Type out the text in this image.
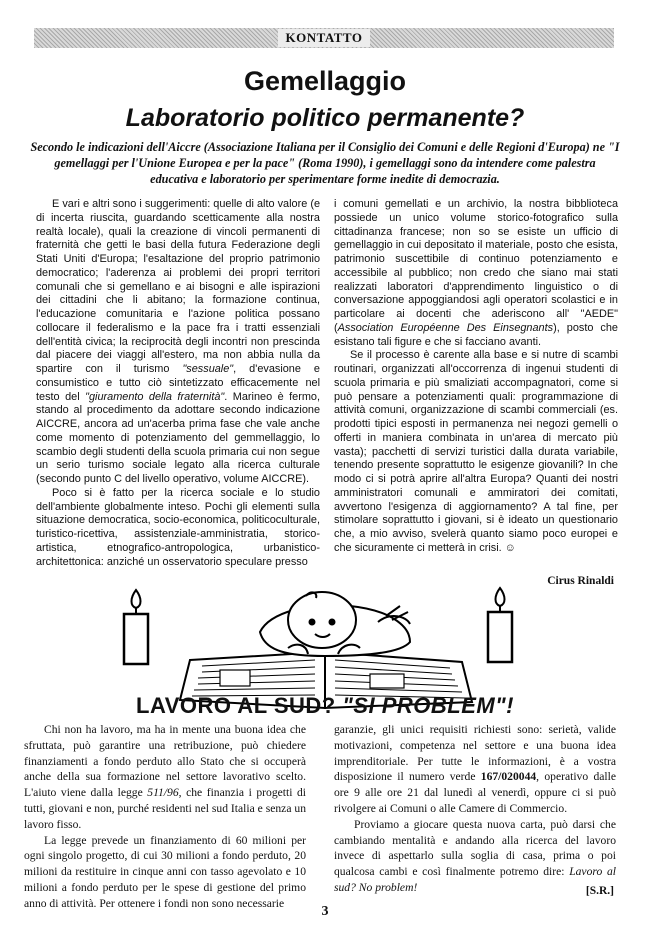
KONTATTO
Gemellaggio
Laboratorio politico permanente?

Secondo le indicazioni dell'Aiccre (Associazione Italiana per il Consiglio dei Comuni e delle Regioni d'Europa) ne "I gemellaggi per l'Unione Europea e per la pace" (Roma 1990), i gemellaggi sono da intendere come palestra educativa e laboratorio per sperimentare forme inedite di democrazia.

E vari e altri sono i suggerimenti: quelle di alto valore (e di incerta riuscita, guardando scetticamente alla nostra realtà locale), quali la creazione di vincoli permanenti di fraternità che getti le basi della futura Federazione degli Stati Uniti d'Europa; l'esaltazione del proprio patrimonio democratico; l'aderenza ai problemi dei propri territori comunali che si gemellano e ai bisogni e alle ispirazioni dei cittadini che li abitano; la formazione continua, l'educazione comunitaria e l'azione politica possano collocare il federalismo e la pace fra i tratti essenziali dell'entità civica; la reciprocità degli incontri non prescinda dal piacere dei viaggi all'estero, ma non abbia nulla da spartire con il turismo "sessuale", d'evasione e consumistico e tutto ciò sintetizzato efficacemente nel testo del "giuramento della fraternità". Marineo è fermo, stando al procedimento da adottare secondo indicazione AICCRE, ancora ad un'acerba prima fase che vale anche come momento di potenziamento del gemmellaggio, lo scambio degli studenti della scuola primaria cui non segue un serio turismo sociale legato alla ricerca culturale (secondo punto C del livello operativo, volume AICCRE).

Poco si è fatto per la ricerca sociale e lo studio dell'ambiente globalmente inteso. Pochi gli elementi sulla situazione democratica, socio-economica, politicoculturale, turistico-ricettiva, assistenziale-amministratia, storico-artistica, etnografico-antropologica, urbanistico-architettonica: anziché un osservatorio speculare presso

i comuni gemellati e un archivio, la nostra bibblioteca possiede un unico volume storico-fotografico sulla cittadinanza francese; non so se esiste un ufficio di gemellaggio in cui depositato il materiale, posto che esista, patrimonio suscettibile di continuo potenziamento e accessibile al pubblico; non credo che siano mai stati realizzati laboratori d'apprendimento linguistico o di conversazione appoggiandosi agli operatori scolastici e in particolare ai docenti che aderiscono all' "AEDE" (Association Européenne Des Einsegnants), posto che esistano tali figure e che si facciano avanti.

Se il processo è carente alla base e si nutre di scambi routinari, organizzati all'occorrenza di ingenui studenti di scuola primaria e più smaliziati accompagnatori, come si può pensare a potenziamenti quali: programmazione di attività comuni, organizzazione di scambi commerciali (es. prodotti tipici esposti in permanenza nei negozi gemelli o offerti in maniera combinata in un'area di mercato più vasta); pacchetti di servizi turistici dalla durata variabile, tenendo presente soprattutto le esigenze giovanili? In che modo ci si potrà aprire all'altra Europa? Quanti dei nostri amministratori comunali e ammiratori dei comitati, avvertono l'esigenza di aggiornamento? A tal fine, per stimolare soprattutto i giovani, si è ideato un questionario che, a mio avviso, svelerà quanto siamo poco europei e che sicuramente ci metterà in crisi. ☺

Cirus Rinaldi
LAVORO AL SUD? "SI PROBLEM"!

Chi non ha lavoro, ma ha in mente una buona idea che sfruttata, può garantire una retribuzione, può chiedere finanziamenti a fondo perduto allo Stato che si occuperà anche della sua formazione nel settore lavorativo scelto. L'aiuto viene dalla legge 511/96, che finanzia i progetti di tutti, giovani e non, purché residenti nel sud Italia e senza un lavoro fisso.

La legge prevede un finanziamento di 60 milioni per ogni singolo progetto, di cui 30 milioni a fondo perduto, 20 milioni da restituire in cinque anni con tasso agevolato e 10 milioni a fondo perduto per le spese di gestione del primo anno di attività. Per ottenere i fondi non sono necessarie

garanzie, gli unici requisiti richiesti sono: serietà, valide motivazioni, competenza nel settore e una buona idea imprenditoriale. Per tutte le informazioni, è a vostra disposizione il numero verde 167/020044, operativo dalle ore 9 alle ore 21 dal lunedì al venerdì, oppure ci si può rivolgere ai Comuni o alle Camere di Commercio.

Proviamo a giocare questa nuova carta, può darsi che cambiando mentalità e andando alla ricerca del lavoro invece di aspettarlo sulla soglia di casa, prima o poi qualcosa cambi e così finalmente potremo dire: Lavoro al sud? No problem!	[S.R.]
3
